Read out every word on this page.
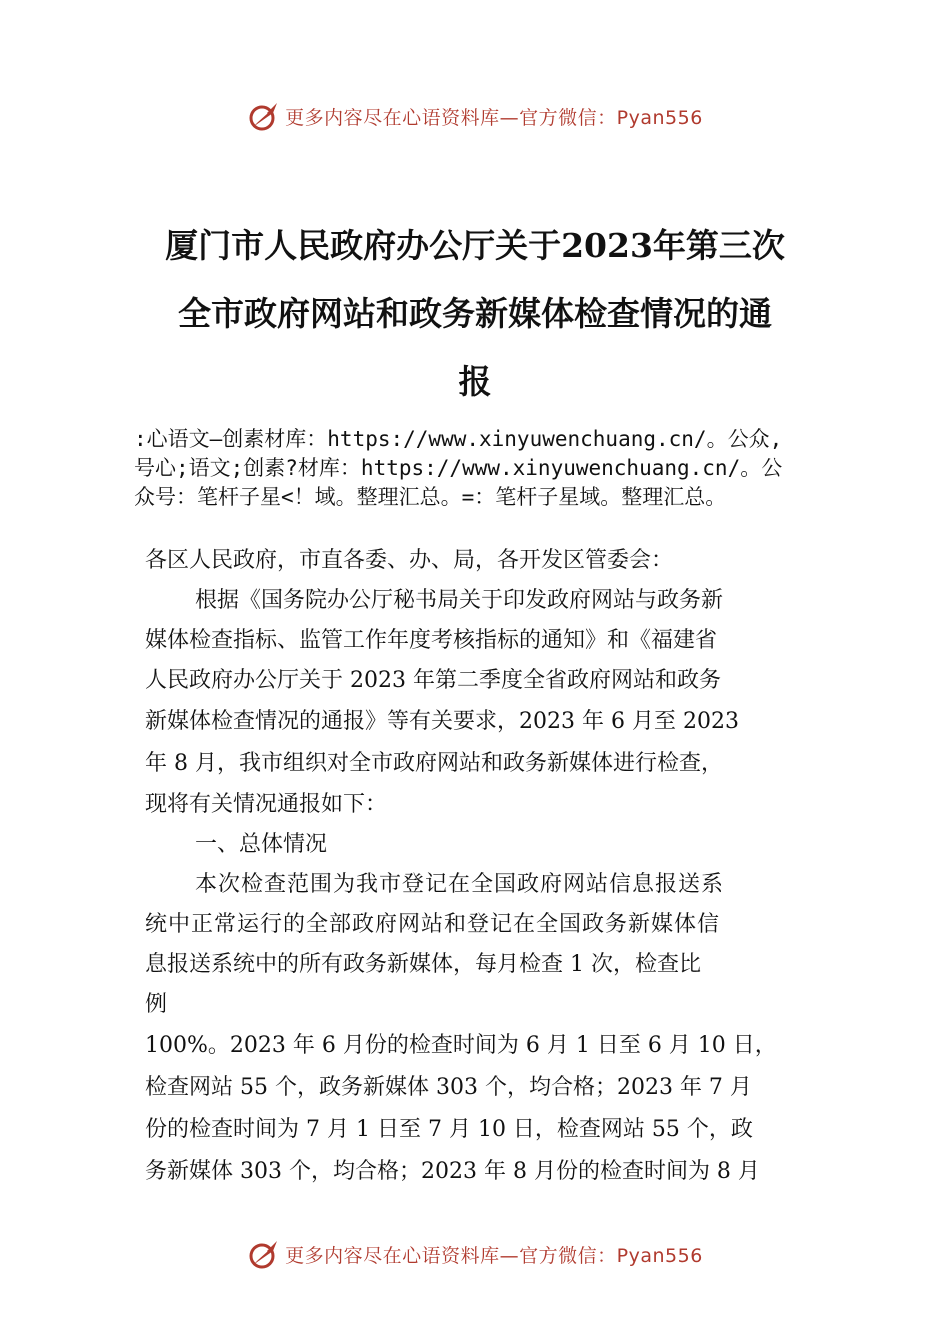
更多内容尽在心语资料库—官方微信：Pyan556
厦门市人民政府办公厅关于2023年第三次
全市政府网站和政务新媒体检查情况的通
报
:心语文—创素材库：https://www.xinyuwenchuang.cn/。公众,
号心;语文;创素?材库：https://www.xinyuwenchuang.cn/。公
众号：笔杆子星<！域。整理汇总。=：笔杆子星域。整理汇总。
各区人民政府，市直各委、办、局，各开发区管委会：
根据《国务院办公厅秘书局关于印发政府网站与政务新
媒体检查指标、监管工作年度考核指标的通知》和《福建省
人民政府办公厅关于 2023 年第二季度全省政府网站和政务
新媒体检查情况的通报》等有关要求，2023 年 6 月至 2023
年 8 月，我市组织对全市政府网站和政务新媒体进行检查，
现将有关情况通报如下：
一、总体情况
本次检查范围为我市登记在全国政府网站信息报送系
统中正常运行的全部政府网站和登记在全国政务新媒体信
息报送系统中的所有政务新媒体，每月检查 1 次，检查比
例
100%。2023 年 6 月份的检查时间为 6 月 1 日至 6 月 10 日，
检查网站 55 个，政务新媒体 303 个，均合格；2023 年 7 月
份的检查时间为 7 月 1 日至 7 月 10 日，检查网站 55 个，政
务新媒体 303 个，均合格；2023 年 8 月份的检查时间为 8 月
更多内容尽在心语资料库—官方微信：Pyan556
